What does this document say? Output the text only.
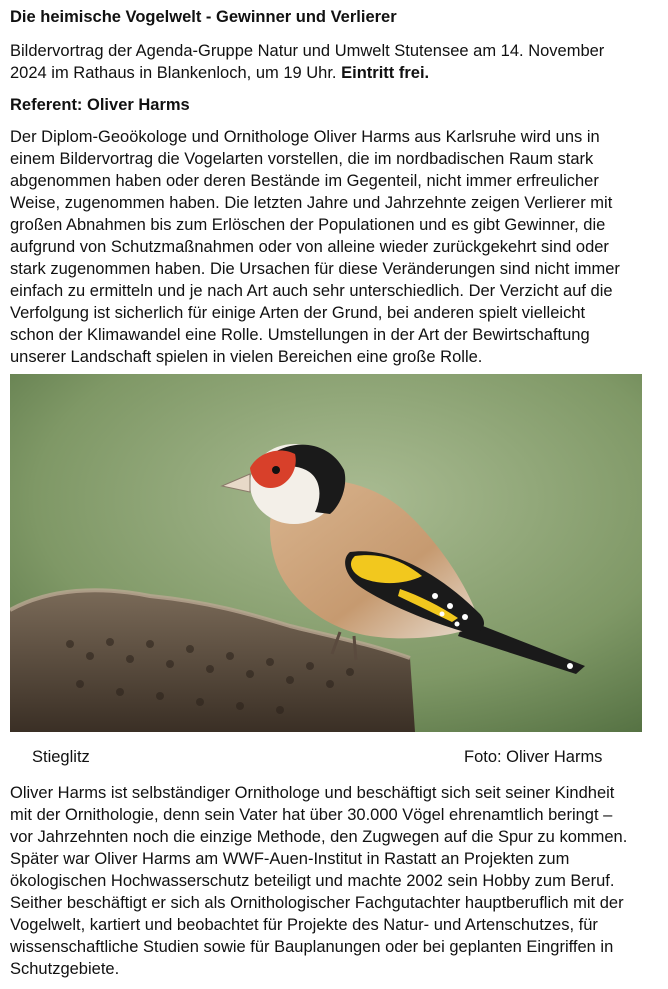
Die heimische Vogelwelt - Gewinner und Verlierer
Bildervortrag der Agenda-Gruppe Natur und Umwelt Stutensee am 14. November
2024 im Rathaus in Blankenloch, um 19 Uhr. Eintritt frei.
Referent: Oliver Harms
Der Diplom-Geoökologe und Ornithologe Oliver Harms aus Karlsruhe wird uns in
einem Bildervortrag die Vogelarten vorstellen, die im nordbadischen Raum stark
abgenommen haben oder deren Bestände im Gegenteil, nicht immer erfreulicher
Weise, zugenommen haben. Die letzten Jahre und Jahrzehnte zeigen Verlierer mit
großen Abnahmen bis zum Erlöschen der Populationen und es gibt Gewinner, die
aufgrund von Schutzmaßnahmen oder von alleine wieder zurückgekehrt sind oder
stark zugenommen haben. Die Ursachen für diese Veränderungen sind nicht immer
einfach zu ermitteln und je nach Art auch sehr unterschiedlich. Der Verzicht auf die
Verfolgung ist sicherlich für einige Arten der Grund, bei anderen spielt vielleicht
schon der Klimawandel eine Rolle. Umstellungen in der Art der Bewirtschaftung
unserer Landschaft spielen in vielen Bereichen eine große Rolle.
Stieglitz	Foto: Oliver Harms
Oliver Harms ist selbständiger Ornithologe und beschäftigt sich seit seiner Kindheit
mit der Ornithologie, denn sein Vater hat über 30.000 Vögel ehrenamtlich beringt –
vor Jahrzehnten noch die einzige Methode, den Zugwegen auf die Spur zu kommen.
Später war Oliver Harms am WWF-Auen-Institut in Rastatt an Projekten zum
ökologischen Hochwasserschutz beteiligt und machte 2002 sein Hobby zum Beruf.
Seither beschäftigt er sich als Ornithologischer Fachgutachter hauptberuflich mit der
Vogelwelt, kartiert und beobachtet für Projekte des Natur- und Artenschutzes, für
wissenschaftliche Studien sowie für Bauplanungen oder bei geplanten Eingriffen in
Schutzgebiete.
